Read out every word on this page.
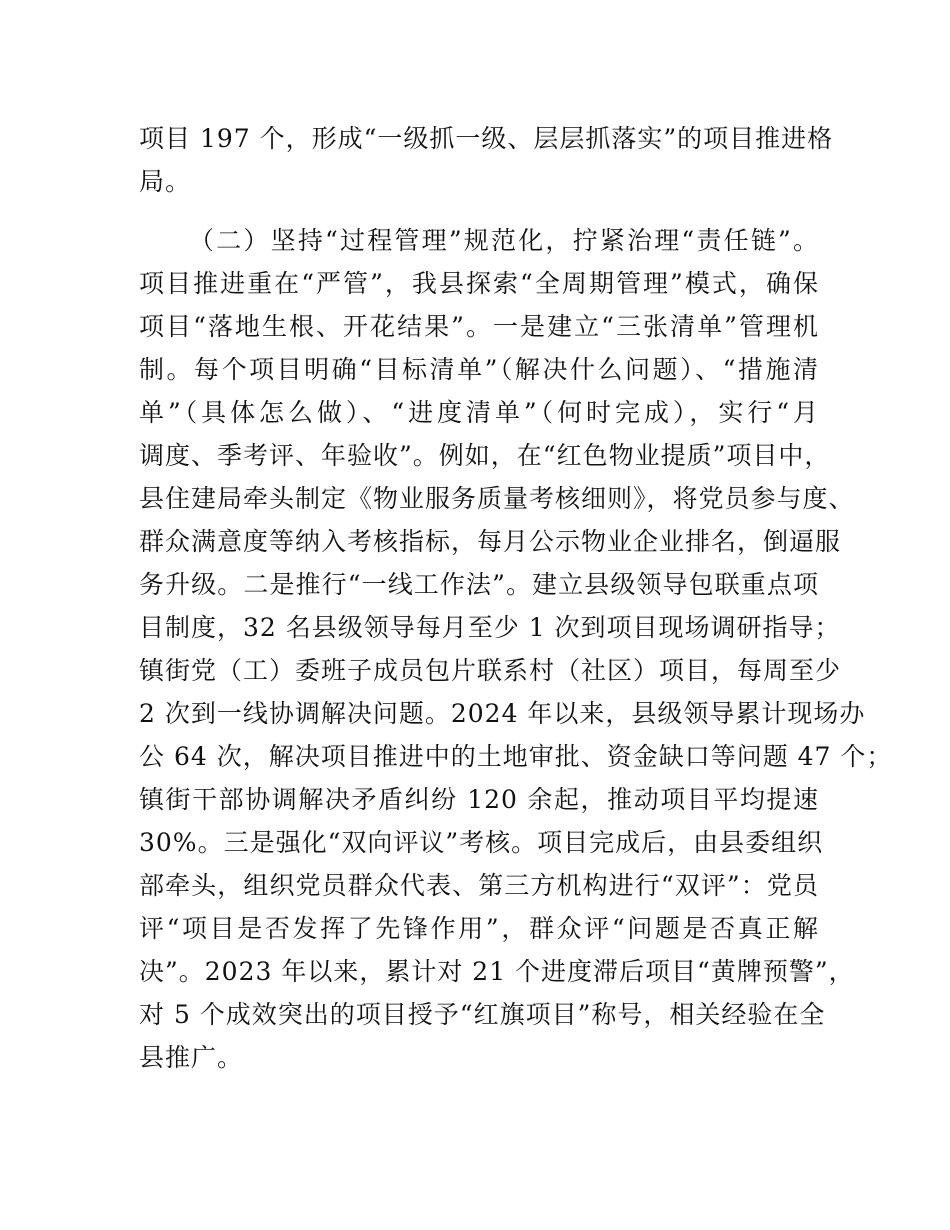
项目 197 个，形成“一级抓一级、层层抓落实”的项目推进格
局。
（二）坚持“过程管理”规范化，拧紧治理“责任链”。
项目推进重在“严管”，我县探索“全周期管理”模式，确保
项目“落地生根、开花结果”。一是建立“三张清单”管理机
制。每个项目明确“目标清单”（解决什么问题）、“措施清
单”（具体怎么做）、“进度清单”（何时完成），实行“月
调度、季考评、年验收”。例如，在“红色物业提质”项目中，
县住建局牵头制定《物业服务质量考核细则》，将党员参与度、
群众满意度等纳入考核指标，每月公示物业企业排名，倒逼服
务升级。二是推行“一线工作法”。建立县级领导包联重点项
目制度，32 名县级领导每月至少 1 次到项目现场调研指导；
镇街党（工）委班子成员包片联系村（社区）项目，每周至少
2 次到一线协调解决问题。2024 年以来，县级领导累计现场办
公 64 次，解决项目推进中的土地审批、资金缺口等问题 47 个；
镇街干部协调解决矛盾纠纷 120 余起，推动项目平均提速
30%。三是强化“双向评议”考核。项目完成后，由县委组织
部牵头，组织党员群众代表、第三方机构进行“双评”：党员
评“项目是否发挥了先锋作用”，群众评“问题是否真正解
决”。2023 年以来，累计对 21 个进度滞后项目“黄牌预警”，
对 5 个成效突出的项目授予“红旗项目”称号，相关经验在全
县推广。
